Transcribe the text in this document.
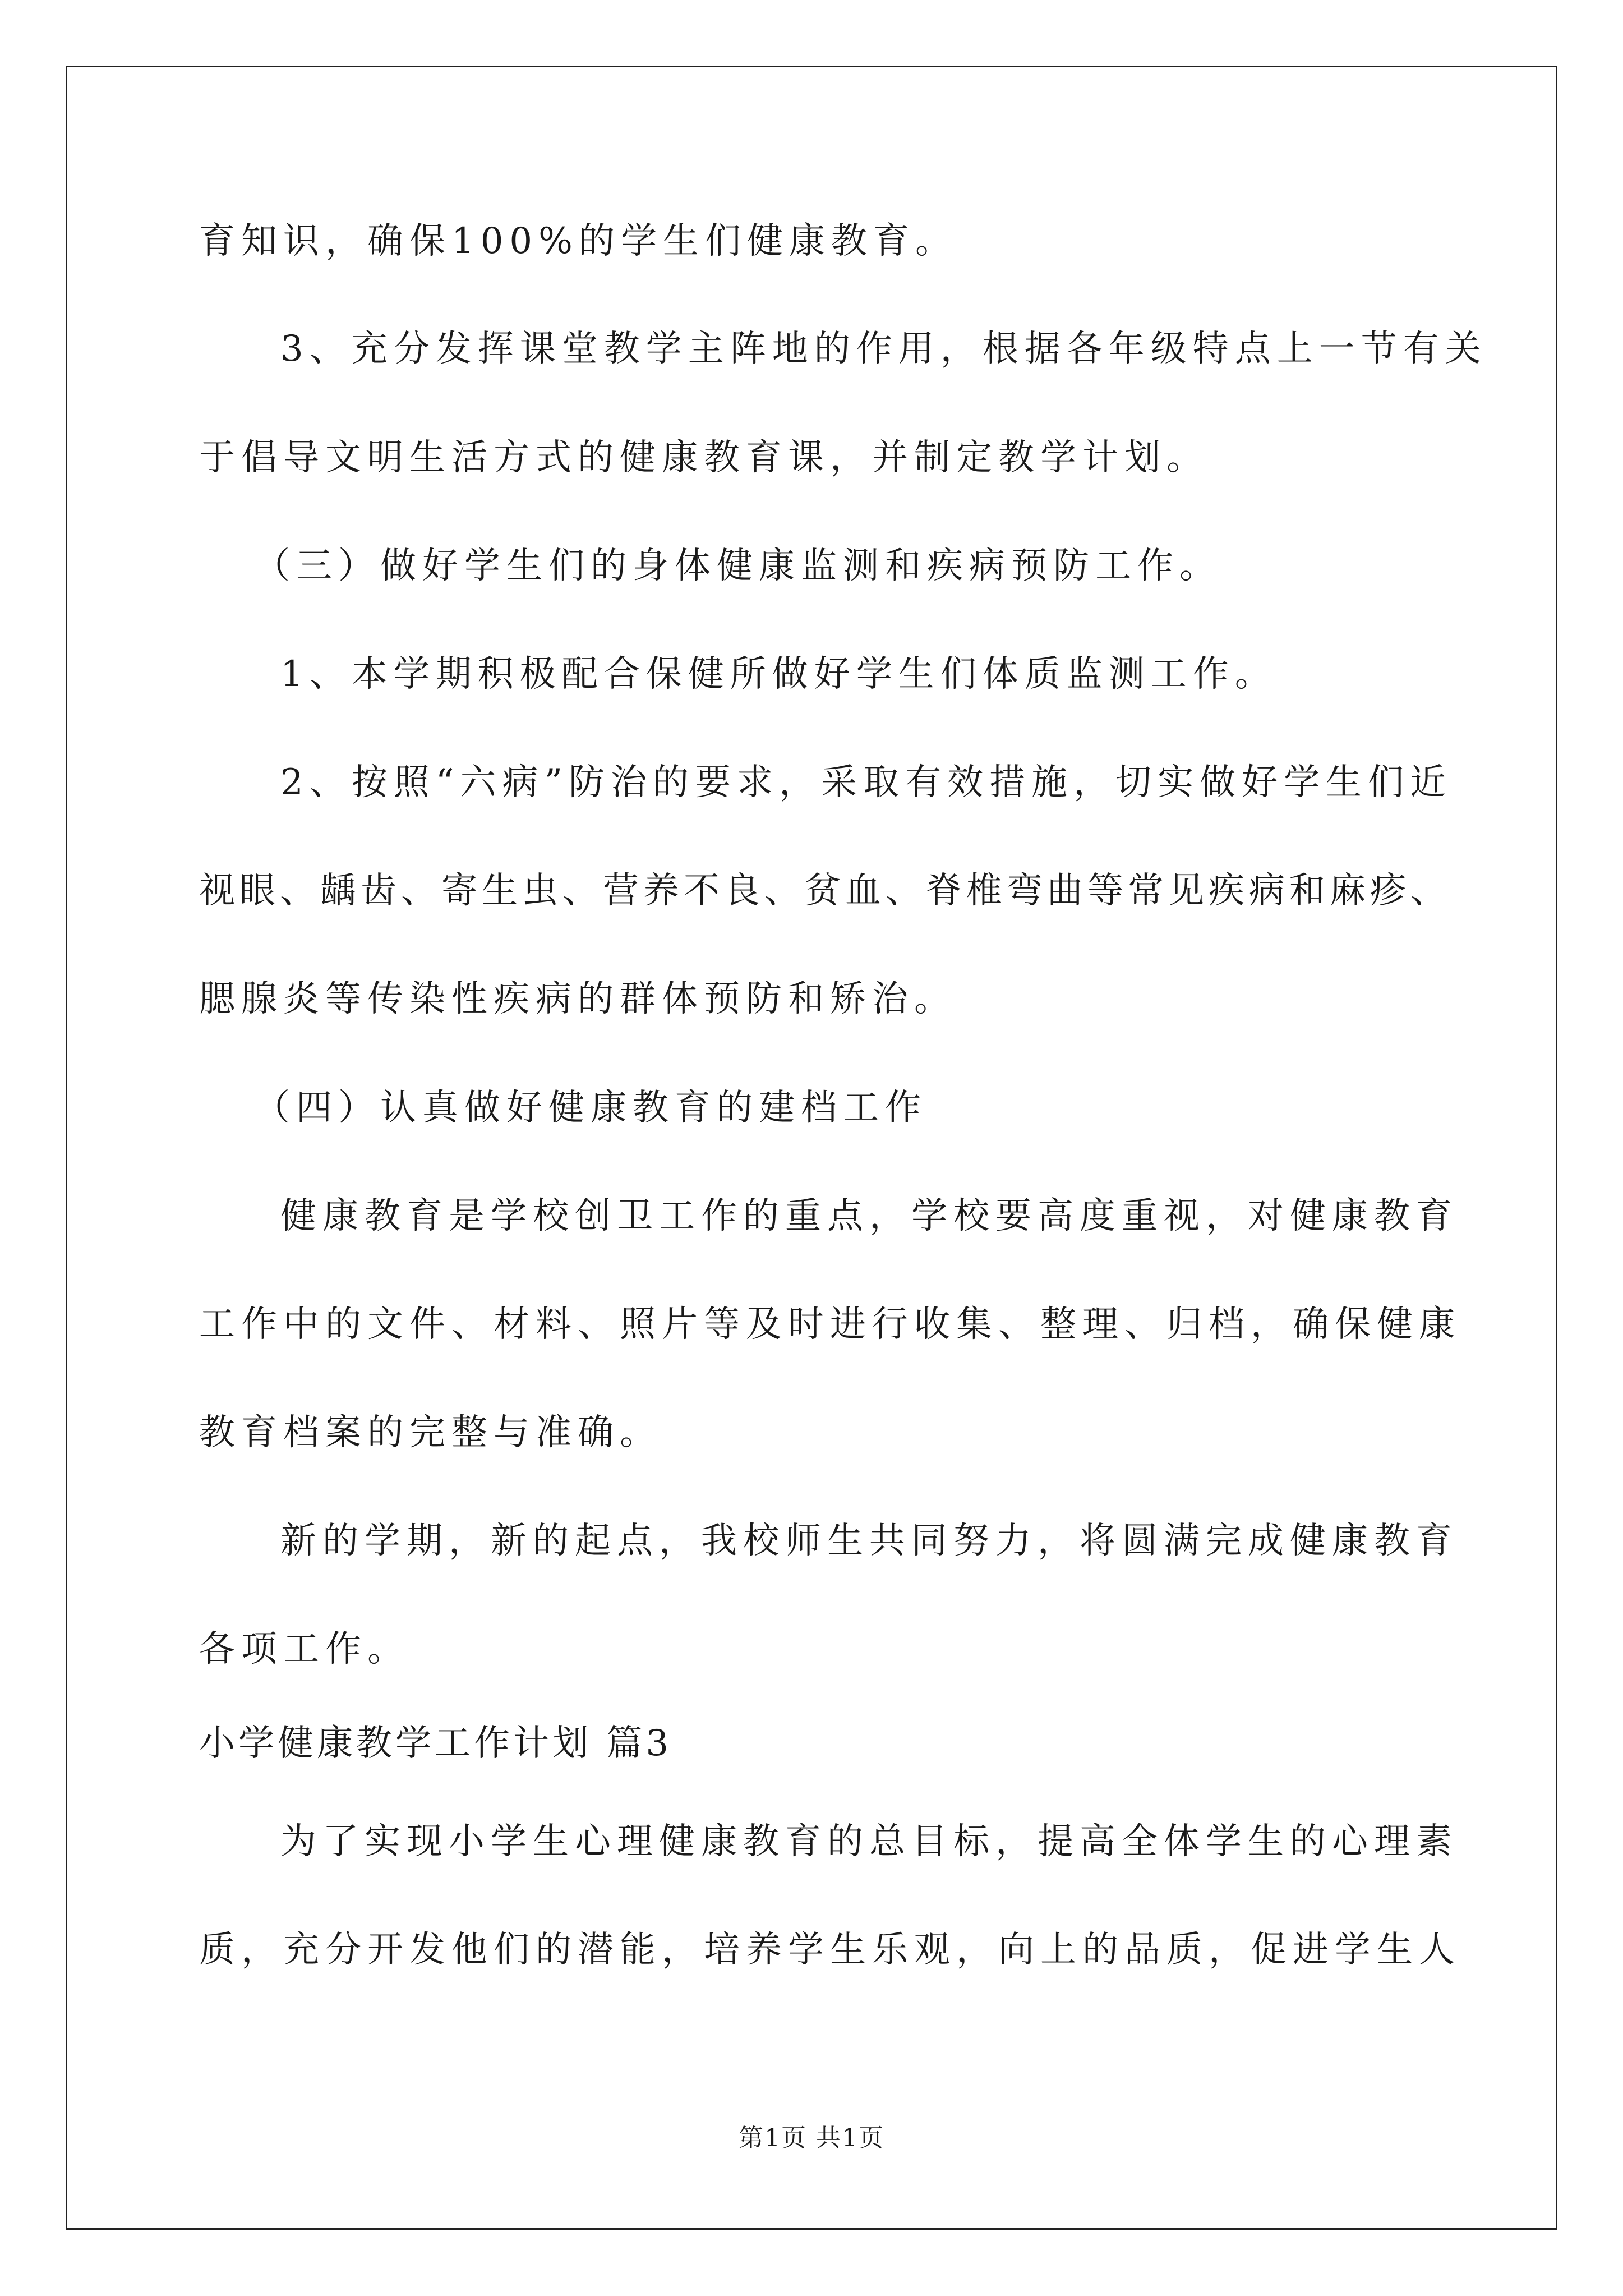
育知识，确保100%的学生们健康教育。
3、充分发挥课堂教学主阵地的作用，根据各年级特点上一节有关
于倡导文明生活方式的健康教育课，并制定教学计划。
（三）做好学生们的身体健康监测和疾病预防工作。
1、本学期积极配合保健所做好学生们体质监测工作。
2、按照“六病”防治的要求，采取有效措施，切实做好学生们近
视眼、龋齿、寄生虫、营养不良、贫血、脊椎弯曲等常见疾病和麻疹、
腮腺炎等传染性疾病的群体预防和矫治。
（四）认真做好健康教育的建档工作
健康教育是学校创卫工作的重点，学校要高度重视，对健康教育
工作中的文件、材料、照片等及时进行收集、整理、归档，确保健康
教育档案的完整与准确。
新的学期，新的起点，我校师生共同努力，将圆满完成健康教育
各项工作。
小学健康教学工作计划 篇3
为了实现小学生心理健康教育的总目标，提高全体学生的心理素
质，充分开发他们的潜能，培养学生乐观，向上的品质，促进学生人
第1页 共1页
